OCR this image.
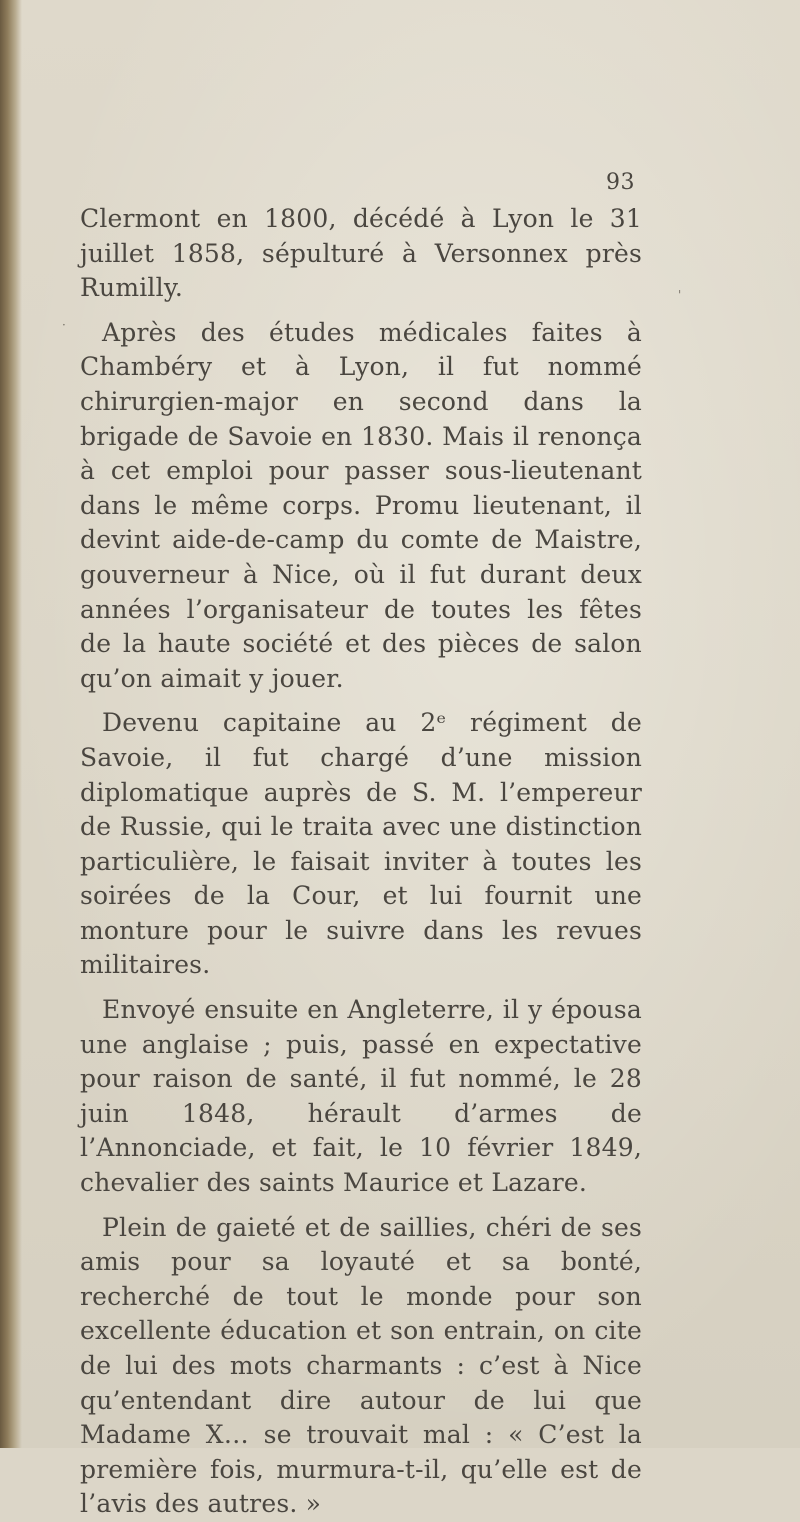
93

Clermont en 1800, décédé à Lyon le 31 juillet 1858, sépulturé à Versonnex près Rumilly.

Après des études médicales faites à Chambéry et à Lyon, il fut nommé chirurgien-major en second dans la brigade de Savoie en 1830. Mais il renonça à cet emploi pour passer sous-lieutenant dans le même corps. Promu lieutenant, il devint aide-de-camp du comte de Maistre, gouverneur à Nice, où il fut durant deux années l’organisateur de toutes les fêtes de la haute société et des pièces de salon qu’on aimait y jouer.

Devenu capitaine au 2ᵉ régiment de Savoie, il fut chargé d’une mission diplomatique auprès de S. M. l’empereur de Russie, qui le traita avec une distinction particulière, le faisait inviter à toutes les soirées de la Cour, et lui fournit une monture pour le suivre dans les revues militaires.

Envoyé ensuite en Angleterre, il y épousa une anglaise ; puis, passé en expectative pour raison de santé, il fut nommé, le 28 juin 1848, hérault d’armes de l’Annonciade, et fait, le 10 février 1849, chevalier des saints Maurice et Lazare.

Plein de gaieté et de saillies, chéri de ses amis pour sa loyauté et sa bonté, recherché de tout le monde pour son excellente éducation et son entrain, on cite de lui des mots charmants : c’est à Nice qu’entendant dire autour de lui que Madame X… se trouvait mal : « C’est la première fois, murmura-t-il, qu’elle est de l’avis des autres. »

·
'
